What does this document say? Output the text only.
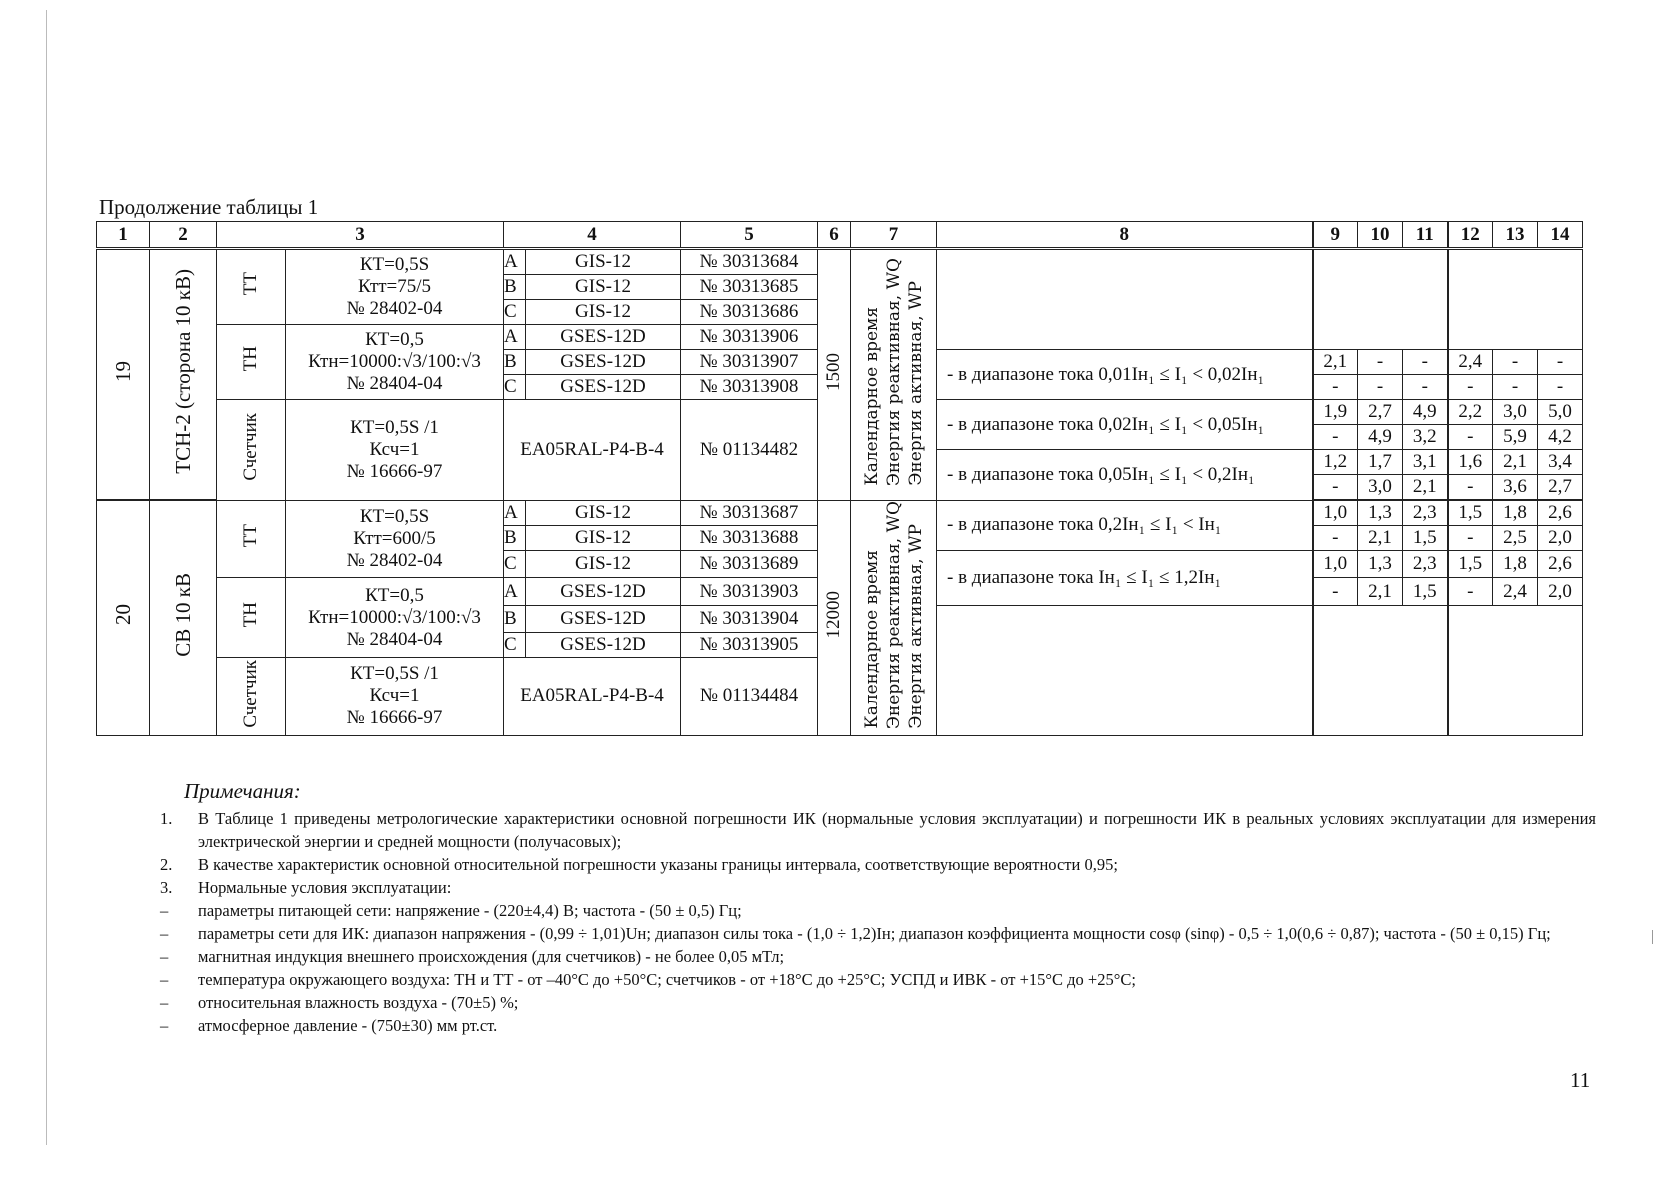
Продолжение таблицы 1
1	2	3		4		5	6	7	8	9	10	11	12	13	14
19	ТСН-2 (сторона 10 кВ)	ТТ	
КТ=0,5S
Ктт=75/5
№ 28402-04
	A	GIS-12	№ 30313684	1500	Календарное время Энергия реактивная, WQ Энергия активная, WP			
				B	GIS-12	№ 30313685									
				C	GIS-12	№ 30313686									
		ТН	КТ=0,5
Ктн=10000:√3/100:√3
№ 28404-04	A	GSES-12D	№ 30313906									
				B	GSES-12D	№ 30313907			- в диапазоне тока 0,01Iн₁ ≤ I₁ < 0,02Iн₁	2,1	-	-	2,4	-	-
				C	GSES-12D	№ 30313908				-	-	-	-	-	-
		Счетчик	КТ=0,5S /1
Ксч=1
№ 16666-97	EA05RAL-P4-B-4		№ 01134482			- в диапазоне тока 0,02Iн₁ ≤ I₁ < 0,05Iн₁	1,9	2,7	4,9	2,2	3,0	5,0
										-	4,9	3,2	-	5,9	4,2
									- в диапазоне тока 0,05Iн₁ ≤ I₁ < 0,2Iн₁	1,2	1,7	3,1	1,6	2,1	3,4
										-	3,0	2,1	-	3,6	2,7
20	СВ 10 кВ	ТТ	КТ=0,5S
Ктт=600/5
№ 28402-04	A	GIS-12	№ 30313687	12000	Календарное время Энергия реактивная, WQ Энергия активная, WP	- в диапазоне тока 0,2Iн₁ ≤ I₁ < Iн₁	1,0	1,3	2,3	1,5	1,8	2,6
				B	GIS-12	№ 30313688				-	2,1	1,5	-	2,5	2,0
				C	GIS-12	№ 30313689			- в диапазоне тока Iн₁ ≤ I₁ ≤ 1,2Iн₁	1,0	1,3	2,3	1,5	1,8	2,6
		ТН	КТ=0,5
Ктн=10000:√3/100:√3
№ 28404-04	A	GSES-12D	№ 30313903				-	2,1	1,5	-	2,4	2,0
				B	GSES-12D	№ 30313904									
				C	GSES-12D	№ 30313905									
		Счетчик	КТ=0,5S /1
Ксч=1
№ 16666-97	EA05RAL-P4-B-4		№ 01134484									

Примечания:
1.	В Таблице 1 приведены метрологические характеристики основной погрешности ИК (нормальные условия эксплуатации) и погрешности ИК в реальных условиях эксплуатации для измерения электрической энергии и средней мощности (получасовых);
2.	В качестве характеристик основной относительной погрешности указаны границы интервала, соответствующие вероятности 0,95;
3.	Нормальные условия эксплуатации:
–	параметры питающей сети: напряжение - (220±4,4) В; частота - (50 ± 0,5) Гц;
–	параметры сети для ИК: диапазон напряжения - (0,99 ÷ 1,01)Uн; диапазон силы тока - (1,0 ÷ 1,2)Iн; диапазон коэффициента мощности cosφ (sinφ) - 0,5 ÷ 1,0(0,6 ÷ 0,87); частота - (50 ± 0,15) Гц;
–	магнитная индукция внешнего происхождения (для счетчиков) - не более 0,05 мТл;
–	температура окружающего воздуха: ТН и ТТ - от –40°С до +50°С; счетчиков - от +18°С до +25°С; УСПД и ИВК - от +15°С до +25°С;
–	относительная влажность воздуха - (70±5) %;
–	атмосферное давление - (750±30) мм рт.ст.
11
